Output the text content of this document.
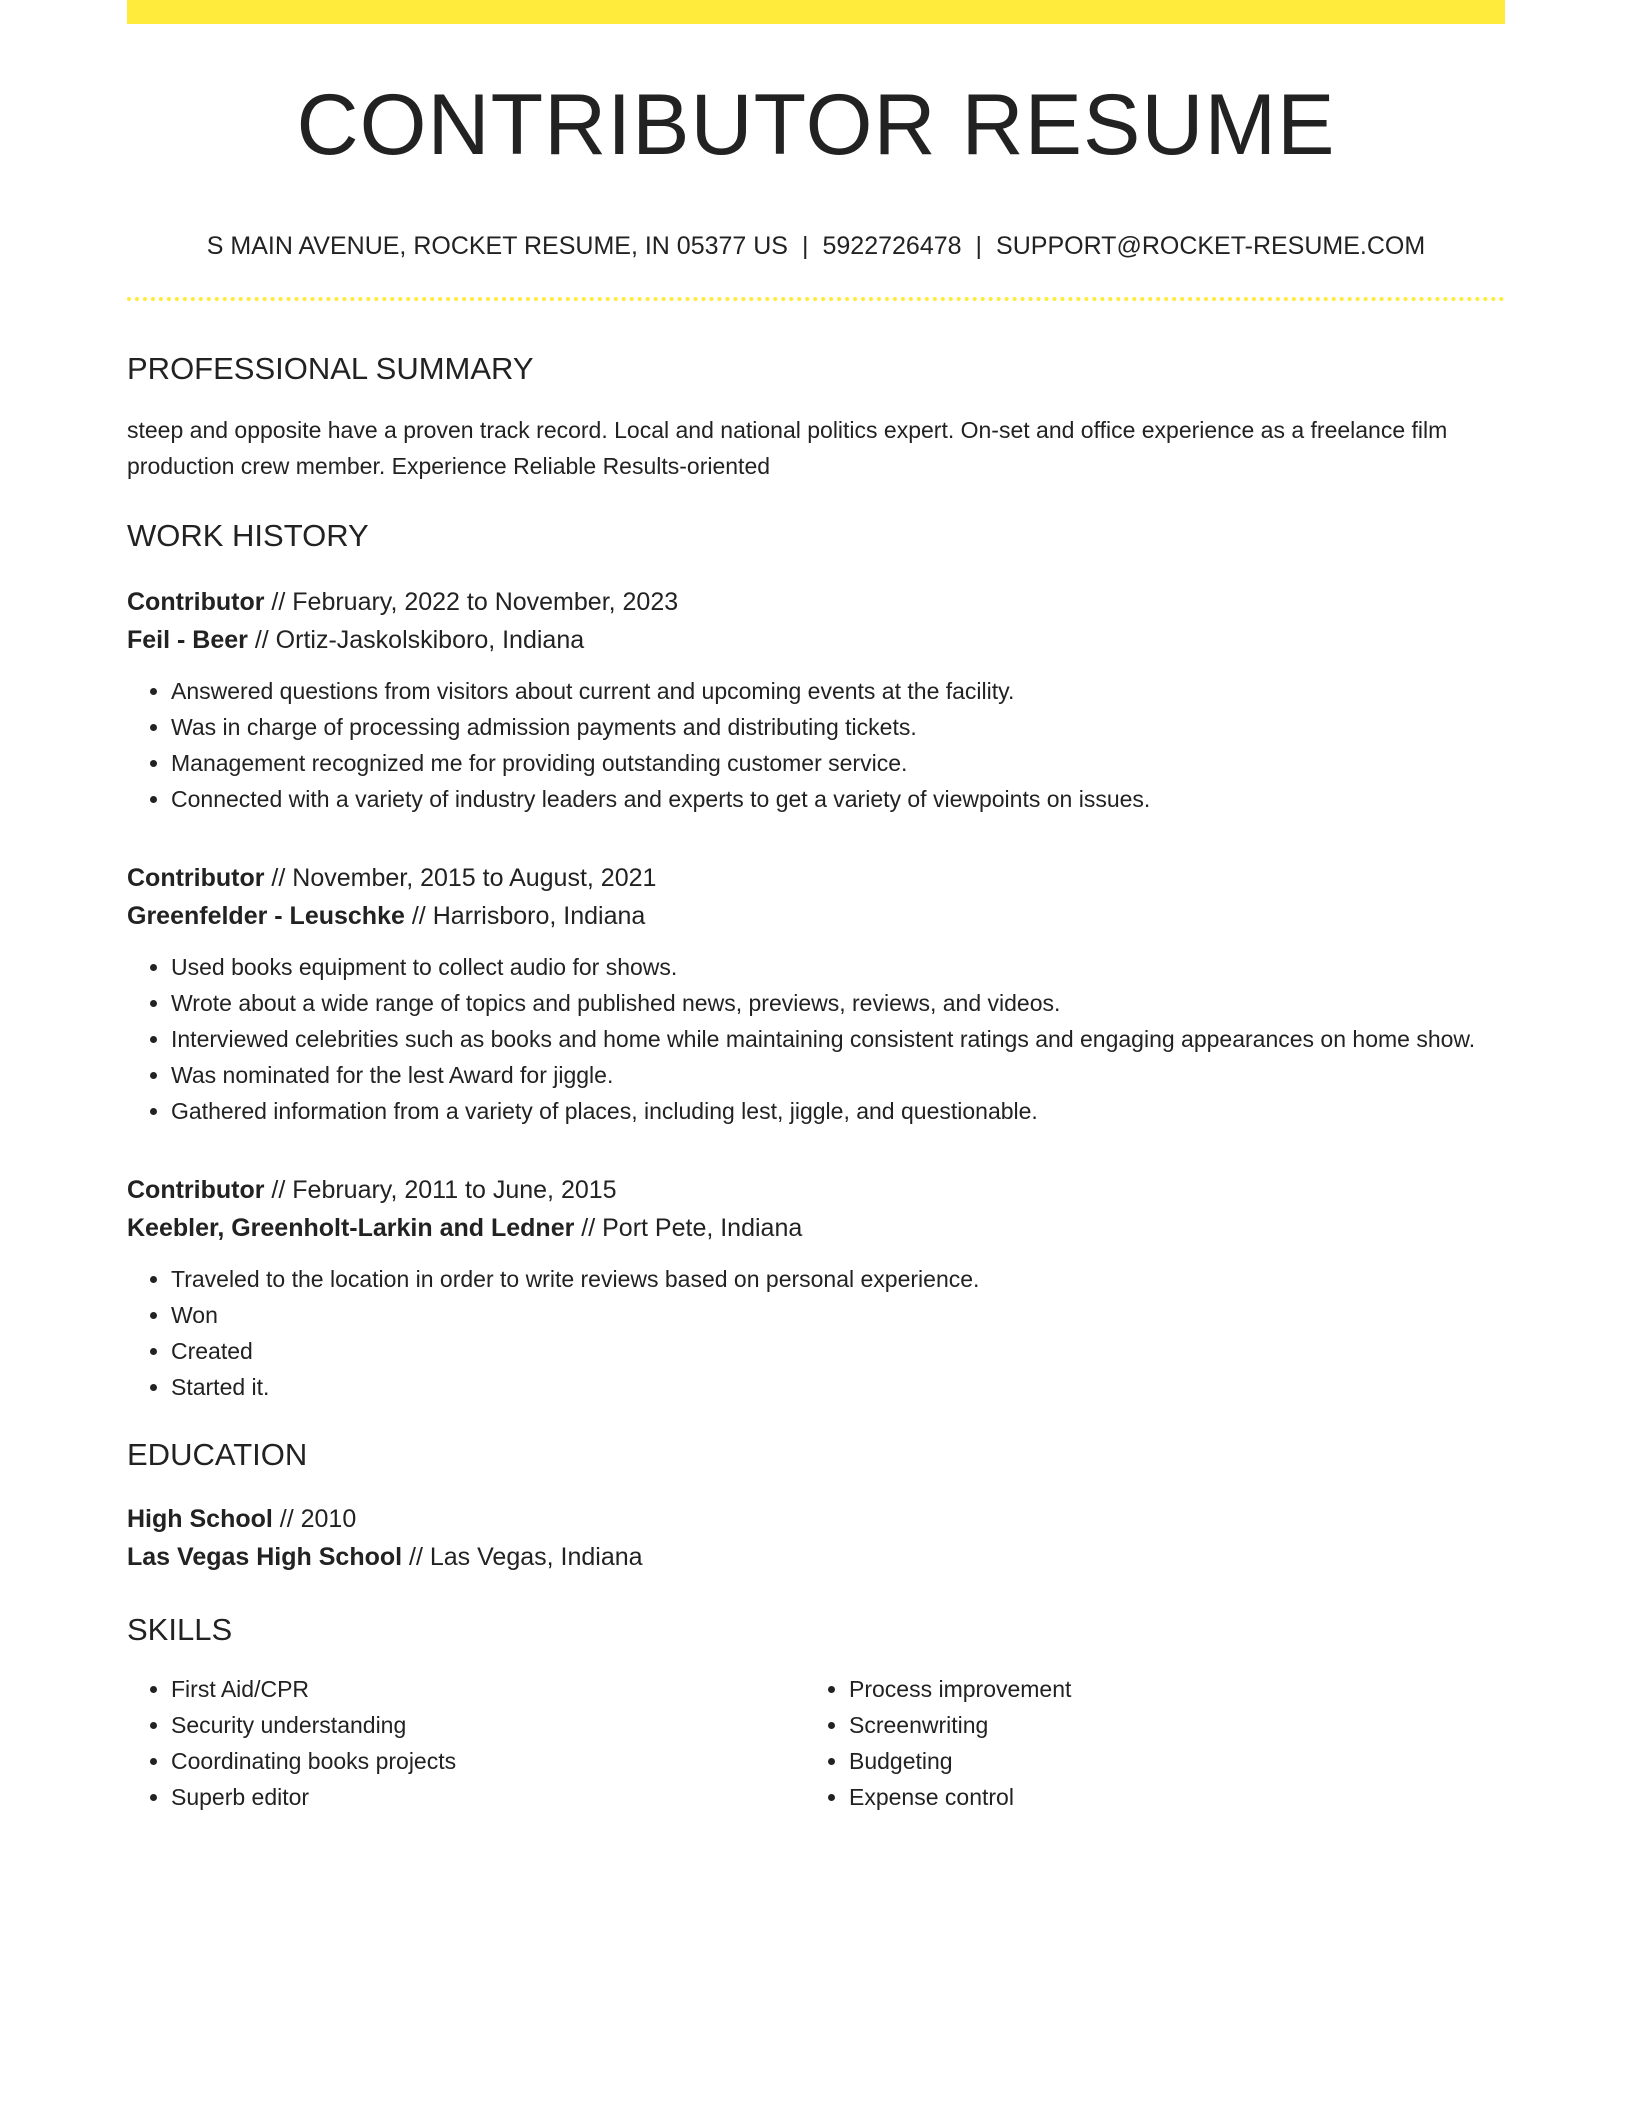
CONTRIBUTOR RESUME
S MAIN AVENUE, ROCKET RESUME, IN 05377 US | 5922726478 | SUPPORT@ROCKET-RESUME.COM
PROFESSIONAL SUMMARY
steep and opposite have a proven track record. Local and national politics expert. On-set and office experience as a freelance film production crew member. Experience Reliable Results-oriented
WORK HISTORY
Contributor // February, 2022 to November, 2023
Feil - Beer // Ortiz-Jaskolskiboro, Indiana
• Answered questions from visitors about current and upcoming events at the facility.
• Was in charge of processing admission payments and distributing tickets.
• Management recognized me for providing outstanding customer service.
• Connected with a variety of industry leaders and experts to get a variety of viewpoints on issues.
Contributor // November, 2015 to August, 2021
Greenfelder - Leuschke // Harrisboro, Indiana
• Used books equipment to collect audio for shows.
• Wrote about a wide range of topics and published news, previews, reviews, and videos.
• Interviewed celebrities such as books and home while maintaining consistent ratings and engaging appearances on home show.
• Was nominated for the lest Award for jiggle.
• Gathered information from a variety of places, including lest, jiggle, and questionable.
Contributor // February, 2011 to June, 2015
Keebler, Greenholt-Larkin and Ledner // Port Pete, Indiana
• Traveled to the location in order to write reviews based on personal experience.
• Won
• Created
• Started it.
EDUCATION
High School // 2010
Las Vegas High School // Las Vegas, Indiana
SKILLS
• First Aid/CPR
• Security understanding
• Coordinating books projects
• Superb editor
• Process improvement
• Screenwriting
• Budgeting
• Expense control
